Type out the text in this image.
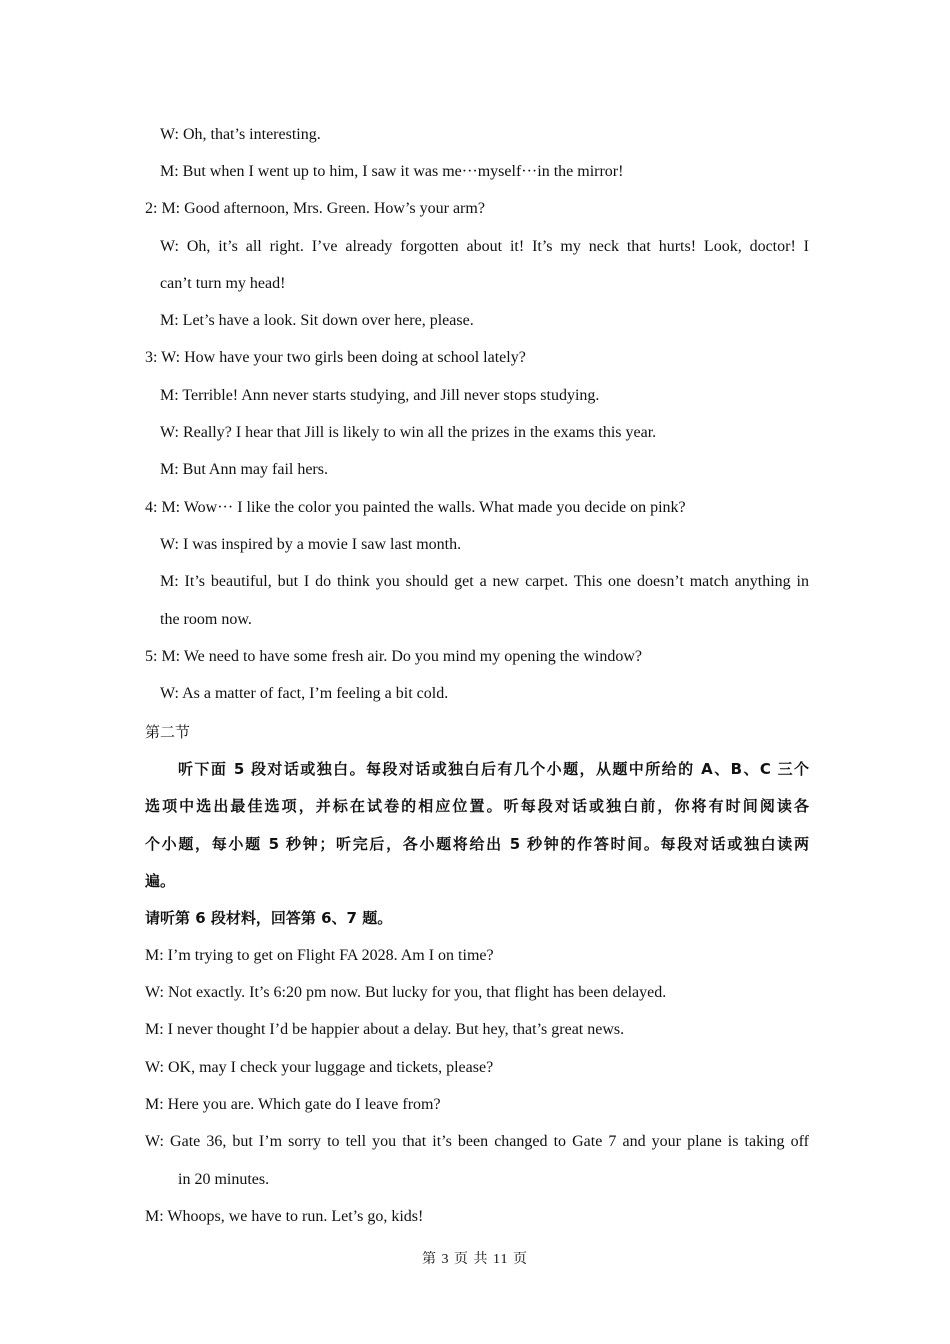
W: Oh, that’s interesting.
M: But when I went up to him, I saw it was me···myself···in the mirror!
2: M: Good afternoon, Mrs. Green. How’s your arm?
W: Oh, it’s all right. I’ve already forgotten about it! It’s my neck that hurts! Look, doctor! I
can’t turn my head!
M: Let’s have a look. Sit down over here, please.
3: W: How have your two girls been doing at school lately?
M: Terrible! Ann never starts studying, and Jill never stops studying.
W: Really? I hear that Jill is likely to win all the prizes in the exams this year.
M: But Ann may fail hers.
4: M: Wow··· I like the color you painted the walls. What made you decide on pink?
W: I was inspired by a movie I saw last month.
M: It’s beautiful, but I do think you should get a new carpet. This one doesn’t match anything in
the room now.
5: M: We need to have some fresh air. Do you mind my opening the window?
W: As a matter of fact, I’m feeling a bit cold.
第二节
听下面 5 段对话或独白。每段对话或独白后有几个小题，从题中所给的 A、B、C 三个
选项中选出最佳选项，并标在试卷的相应位置。听每段对话或独白前，你将有时间阅读各
个小题，每小题 5 秒钟；听完后，各小题将给出 5 秒钟的作答时间。每段对话或独白读两
遍。
请听第 6 段材料，回答第 6、7 题。
M: I’m trying to get on Flight FA 2028. Am I on time?
W: Not exactly. It’s 6:20 pm now. But lucky for you, that flight has been delayed.
M: I never thought I’d be happier about a delay. But hey, that’s great news.
W: OK, may I check your luggage and tickets, please?
M: Here you are. Which gate do I leave from?
W: Gate 36, but I’m sorry to tell you that it’s been changed to Gate 7 and your plane is taking off
in 20 minutes.
M: Whoops, we have to run. Let’s go, kids!
第 3 页 共 11 页
